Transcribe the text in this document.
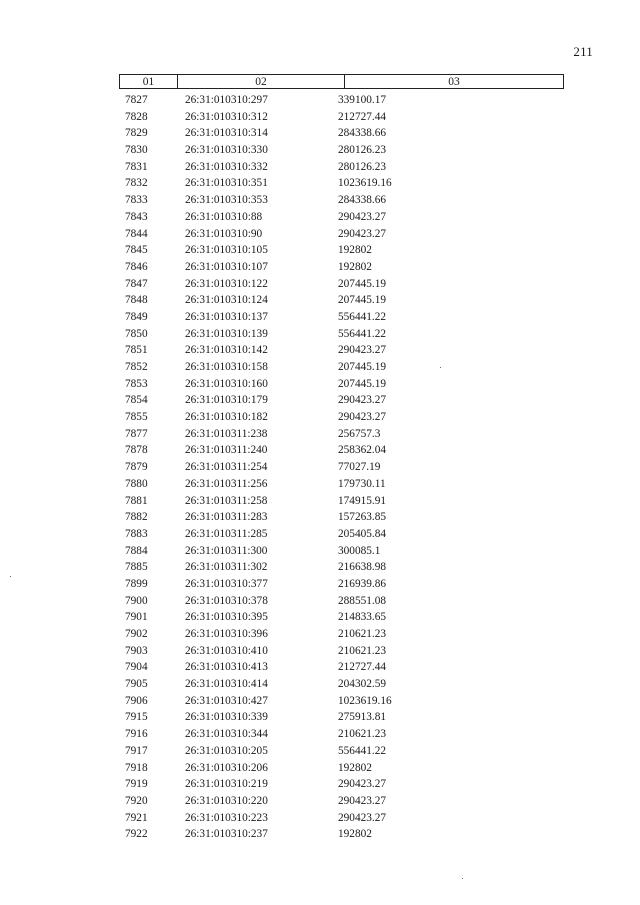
211
01	02	03
7827	26:31:010310:297	339100.17
7828	26:31:010310:312	212727.44
7829	26:31:010310:314	284338.66
7830	26:31:010310:330	280126.23
7831	26:31:010310:332	280126.23
7832	26:31:010310:351	1023619.16
7833	26:31:010310:353	284338.66
7843	26:31:010310:88	290423.27
7844	26:31:010310:90	290423.27
7845	26:31:010310:105	192802
7846	26:31:010310:107	192802
7847	26:31:010310:122	207445.19
7848	26:31:010310:124	207445.19
7849	26:31:010310:137	556441.22
7850	26:31:010310:139	556441.22
7851	26:31:010310:142	290423.27
7852	26:31:010310:158	207445.19
7853	26:31:010310:160	207445.19
7854	26:31:010310:179	290423.27
7855	26:31:010310:182	290423.27
7877	26:31:010311:238	256757.3
7878	26:31:010311:240	258362.04
7879	26:31:010311:254	77027.19
7880	26:31:010311:256	179730.11
7881	26:31:010311:258	174915.91
7882	26:31:010311:283	157263.85
7883	26:31:010311:285	205405.84
7884	26:31:010311:300	300085.1
7885	26:31:010311:302	216638.98
7899	26:31:010310:377	216939.86
7900	26:31:010310:378	288551.08
7901	26:31:010310:395	214833.65
7902	26:31:010310:396	210621.23
7903	26:31:010310:410	210621.23
7904	26:31:010310:413	212727.44
7905	26:31:010310:414	204302.59
7906	26:31:010310:427	1023619.16
7915	26:31:010310:339	275913.81
7916	26:31:010310:344	210621.23
7917	26:31:010310:205	556441.22
7918	26:31:010310:206	192802
7919	26:31:010310:219	290423.27
7920	26:31:010310:220	290423.27
7921	26:31:010310:223	290423.27
7922	26:31:010310:237	192802
